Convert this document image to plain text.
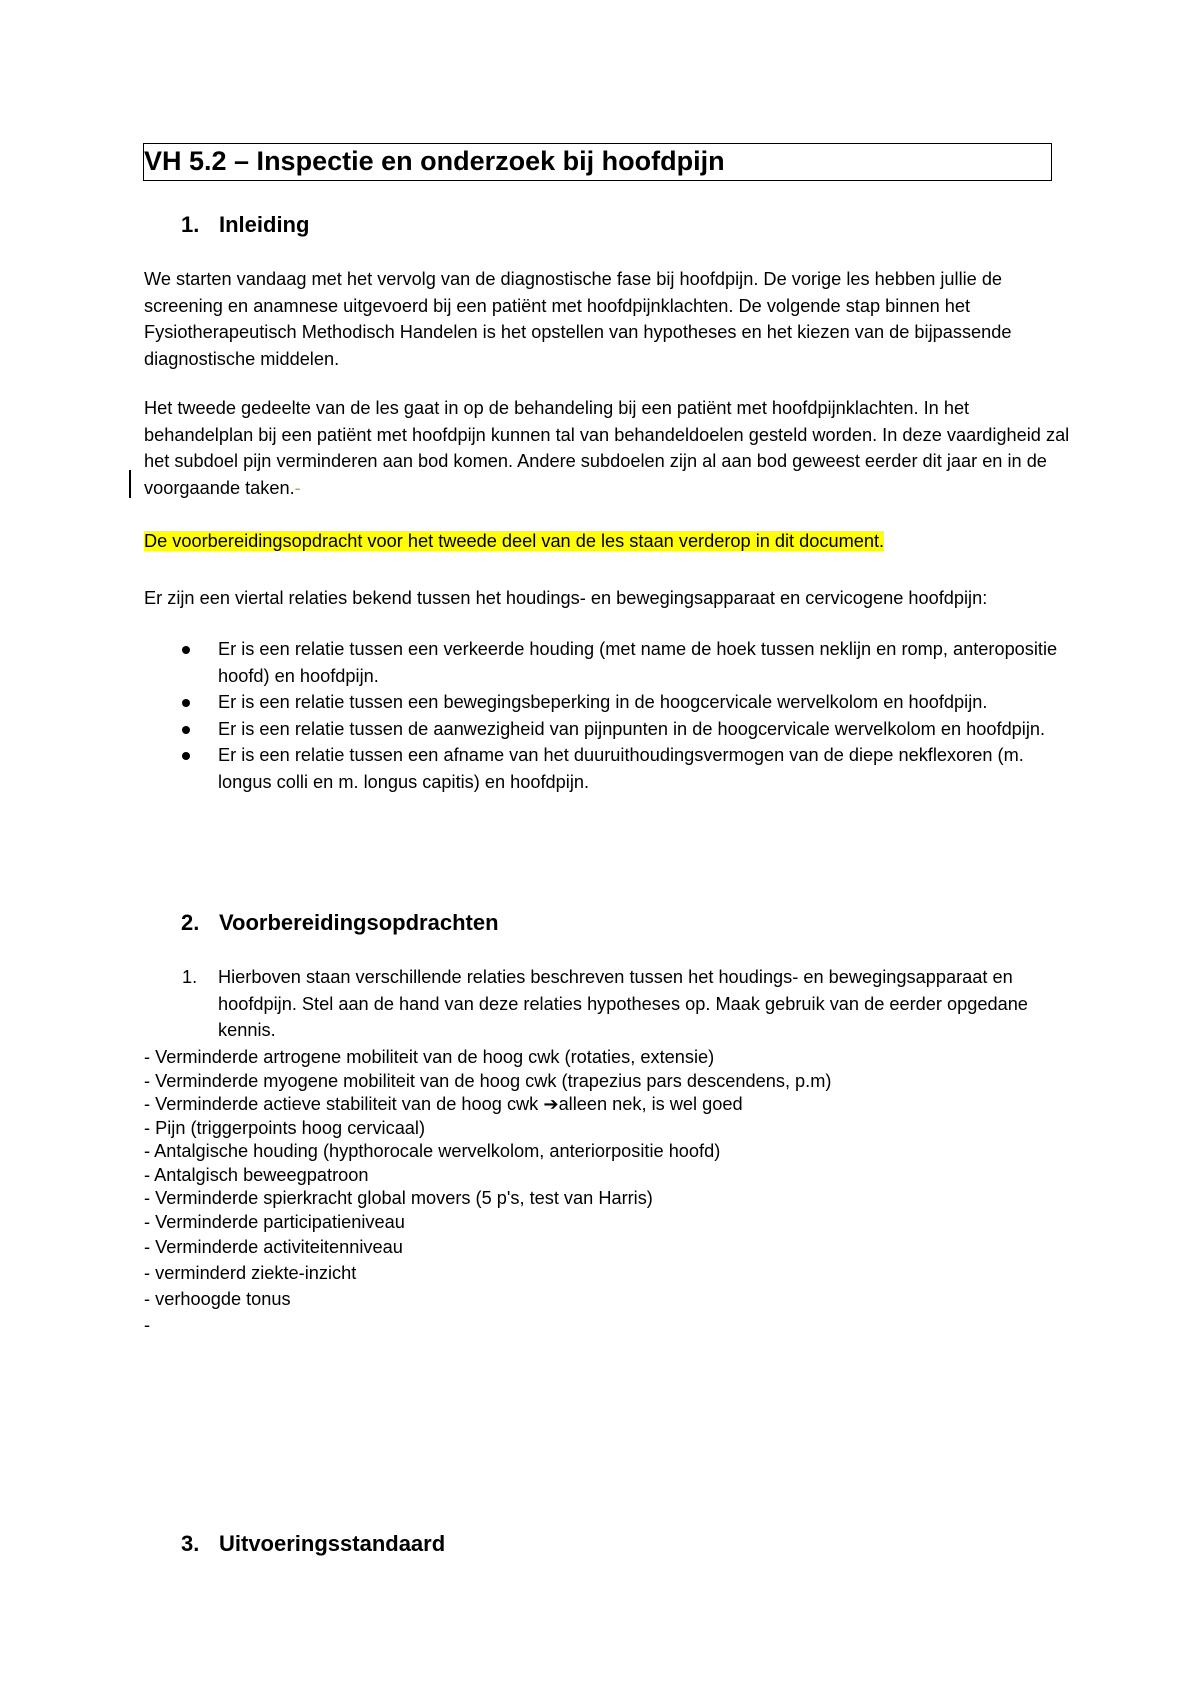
VH 5.2 – Inspectie en onderzoek bij hoofdpijn
1. Inleiding

We starten vandaag met het vervolg van de diagnostische fase bij hoofdpijn. De vorige les hebben jullie de screening en anamnese uitgevoerd bij een patiënt met hoofdpijnklachten. De volgende stap binnen het Fysiotherapeutisch Methodisch Handelen is het opstellen van hypotheses en het kiezen van de bijpassende diagnostische middelen.

Het tweede gedeelte van de les gaat in op de behandeling bij een patiënt met hoofdpijnklachten. In het behandelplan bij een patiënt met hoofdpijn kunnen tal van behandeldoelen gesteld worden. In deze vaardigheid zal het subdoel pijn verminderen aan bod komen. Andere subdoelen zijn al aan bod geweest eerder dit jaar en in de voorgaande taken.-

De voorbereidingsopdracht voor het tweede deel van de les staan verderop in dit document.

Er zijn een viertal relaties bekend tussen het houdings- en bewegingsapparaat en cervicogene hoofdpijn:

Er is een relatie tussen een verkeerde houding (met name de hoek tussen neklijn en romp, anteropositie hoofd) en hoofdpijn.
Er is een relatie tussen een bewegingsbeperking in de hoogcervicale wervelkolom en hoofdpijn.
Er is een relatie tussen de aanwezigheid van pijnpunten in de hoogcervicale wervelkolom en hoofdpijn.
Er is een relatie tussen een afname van het duuruithoudingsvermogen van de diepe nekflexoren (m. longus colli en m. longus capitis) en hoofdpijn.
2. Voorbereidingsopdrachten
1. Hierboven staan verschillende relaties beschreven tussen het houdings- en bewegingsapparaat en hoofdpijn. Stel aan de hand van deze relaties hypotheses op. Maak gebruik van de eerder opgedane kennis.
- Verminderde artrogene mobiliteit van de hoog cwk (rotaties, extensie)
- Verminderde myogene mobiliteit van de hoog cwk (trapezius pars descendens, p.m)
- Verminderde actieve stabiliteit van de hoog cwk ➔alleen nek, is wel goed
- Pijn (triggerpoints hoog cervicaal)
- Antalgische houding (hypthorocale wervelkolom, anteriorpositie hoofd)
- Antalgisch beweegpatroon
- Verminderde spierkracht global movers (5 p's, test van Harris)
- Verminderde participatieniveau
- Verminderde activiteitenniveau
- verminderd ziekte-inzicht
- verhoogde tonus
-
3. Uitvoeringsstandaard
